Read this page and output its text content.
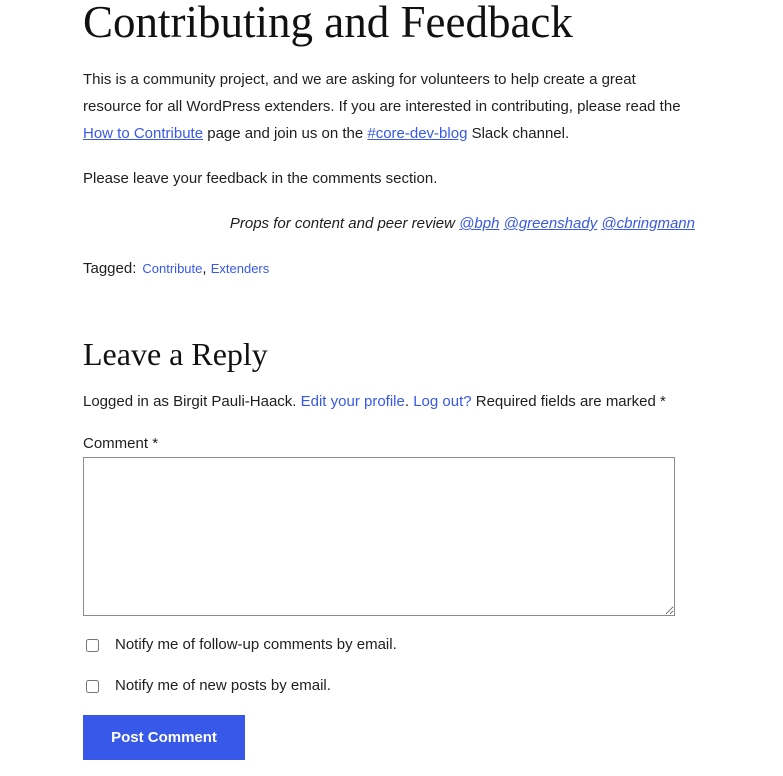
Contributing and Feedback

This is a community project, and we are asking for volunteers to help create a great resource for all WordPress extenders. If you are interested in contributing, please read the How to Contribute page and join us on the #core-dev-blog Slack channel.

Please leave your feedback in the comments section.

Props for content and peer review @bph @greenshady @cbringmann

Tagged: Contribute, Extenders
Leave a Reply

Logged in as Birgit Pauli-Haack. Edit your profile. Log out? Required fields are marked *

Comment *
Notify me of follow-up comments by email.
Notify me of new posts by email.
Post Comment
